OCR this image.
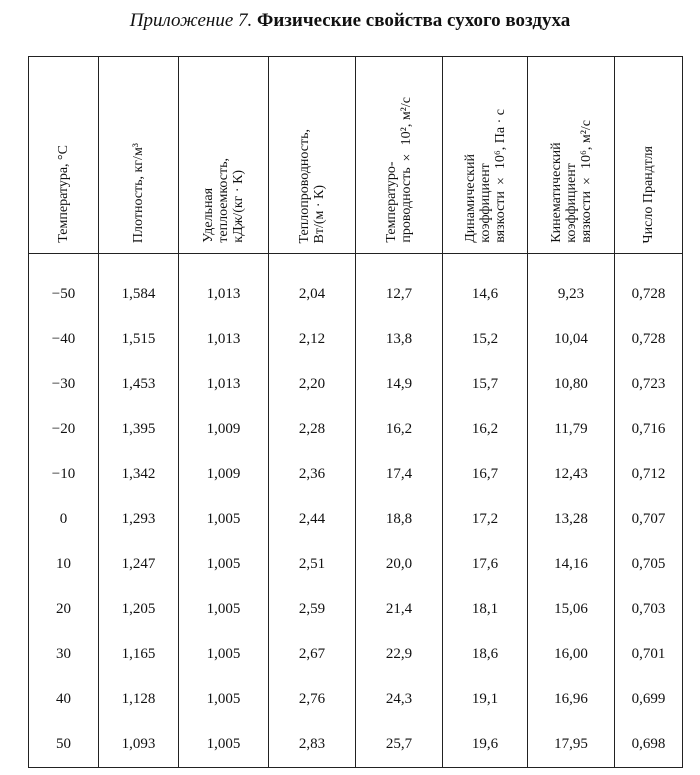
Приложение 7. Физические свойства сухого воздуха
Температура, °С	Плотность, кг/м³	Удельная
теплоемкость,
кДж/(кг · К)	Теплопроводность,
Вт/(м · К)	Температуро-
проводность × 10², м²/с	Динамический
коэффициент
вязкости × 10⁶, Па · с	Кинематический
коэффициент
вязкости × 10⁶, м²/с	Число Прандтля

−50	1,584	1,013	2,04	12,7	14,6	9,23	0,728
−40	1,515	1,013	2,12	13,8	15,2	10,04	0,728
−30	1,453	1,013	2,20	14,9	15,7	10,80	0,723
−20	1,395	1,009	2,28	16,2	16,2	11,79	0,716
−10	1,342	1,009	2,36	17,4	16,7	12,43	0,712
0	1,293	1,005	2,44	18,8	17,2	13,28	0,707
10	1,247	1,005	2,51	20,0	17,6	14,16	0,705
20	1,205	1,005	2,59	21,4	18,1	15,06	0,703
30	1,165	1,005	2,67	22,9	18,6	16,00	0,701
40	1,128	1,005	2,76	24,3	19,1	16,96	0,699
50	1,093	1,005	2,83	25,7	19,6	17,95	0,698
